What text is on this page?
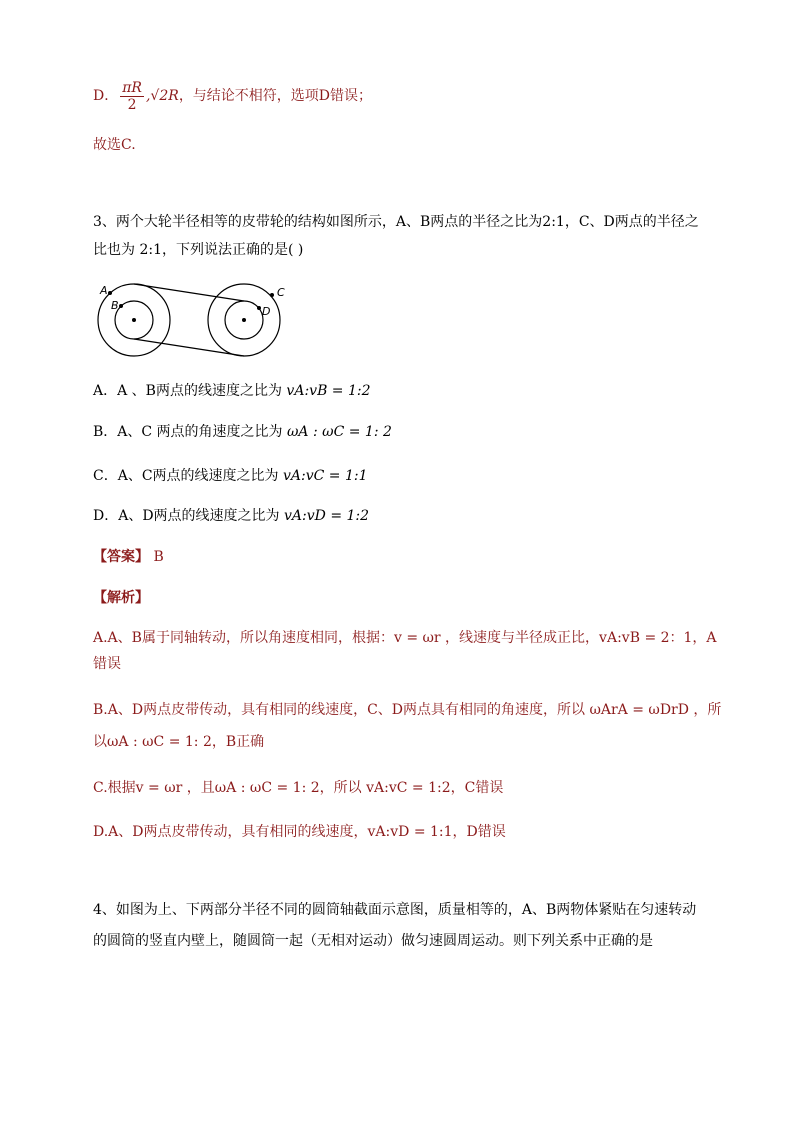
D． $\frac{\pi R}{2} ,√2R$，与结论不相符，选项D错误；
故选C.
3、两个大轮半径相等的皮带轮的结构如图所示，A、B两点的半径之比为2:1，C、D两点的半径之
比也为 2:1，下列说法正确的是( )
A
B
C
D
A．A 、B两点的线速度之比为 vA:vB = 1:2
B．A、C 两点的角速度之比为 ωA : ωC = 1: 2
C．A、C两点的线速度之比为 vA:vC = 1:1
D．A、D两点的线速度之比为 vA:vD = 1:2
【答案】 B
【解析】
A.A、B属于同轴转动，所以角速度相同，根据：v = ωr ，线速度与半径成正比，vA:vB = 2：1，A
错误
B.A、D两点皮带传动，具有相同的线速度，C、D两点具有相同的角速度，所以 ωArA = ωDrD ，所
以ωA : ωC = 1: 2，B正确
C.根据v = ωr ，且ωA : ωC = 1: 2，所以 vA:vC = 1:2，C错误
D.A、D两点皮带传动，具有相同的线速度，vA:vD = 1:1，D错误
4、如图为上、下两部分半径不同的圆筒轴截面示意图，质量相等的，A、B两物体紧贴在匀速转动
的圆筒的竖直内壁上，随圆筒一起（无相对运动）做匀速圆周运动。则下列关系中正确的是
